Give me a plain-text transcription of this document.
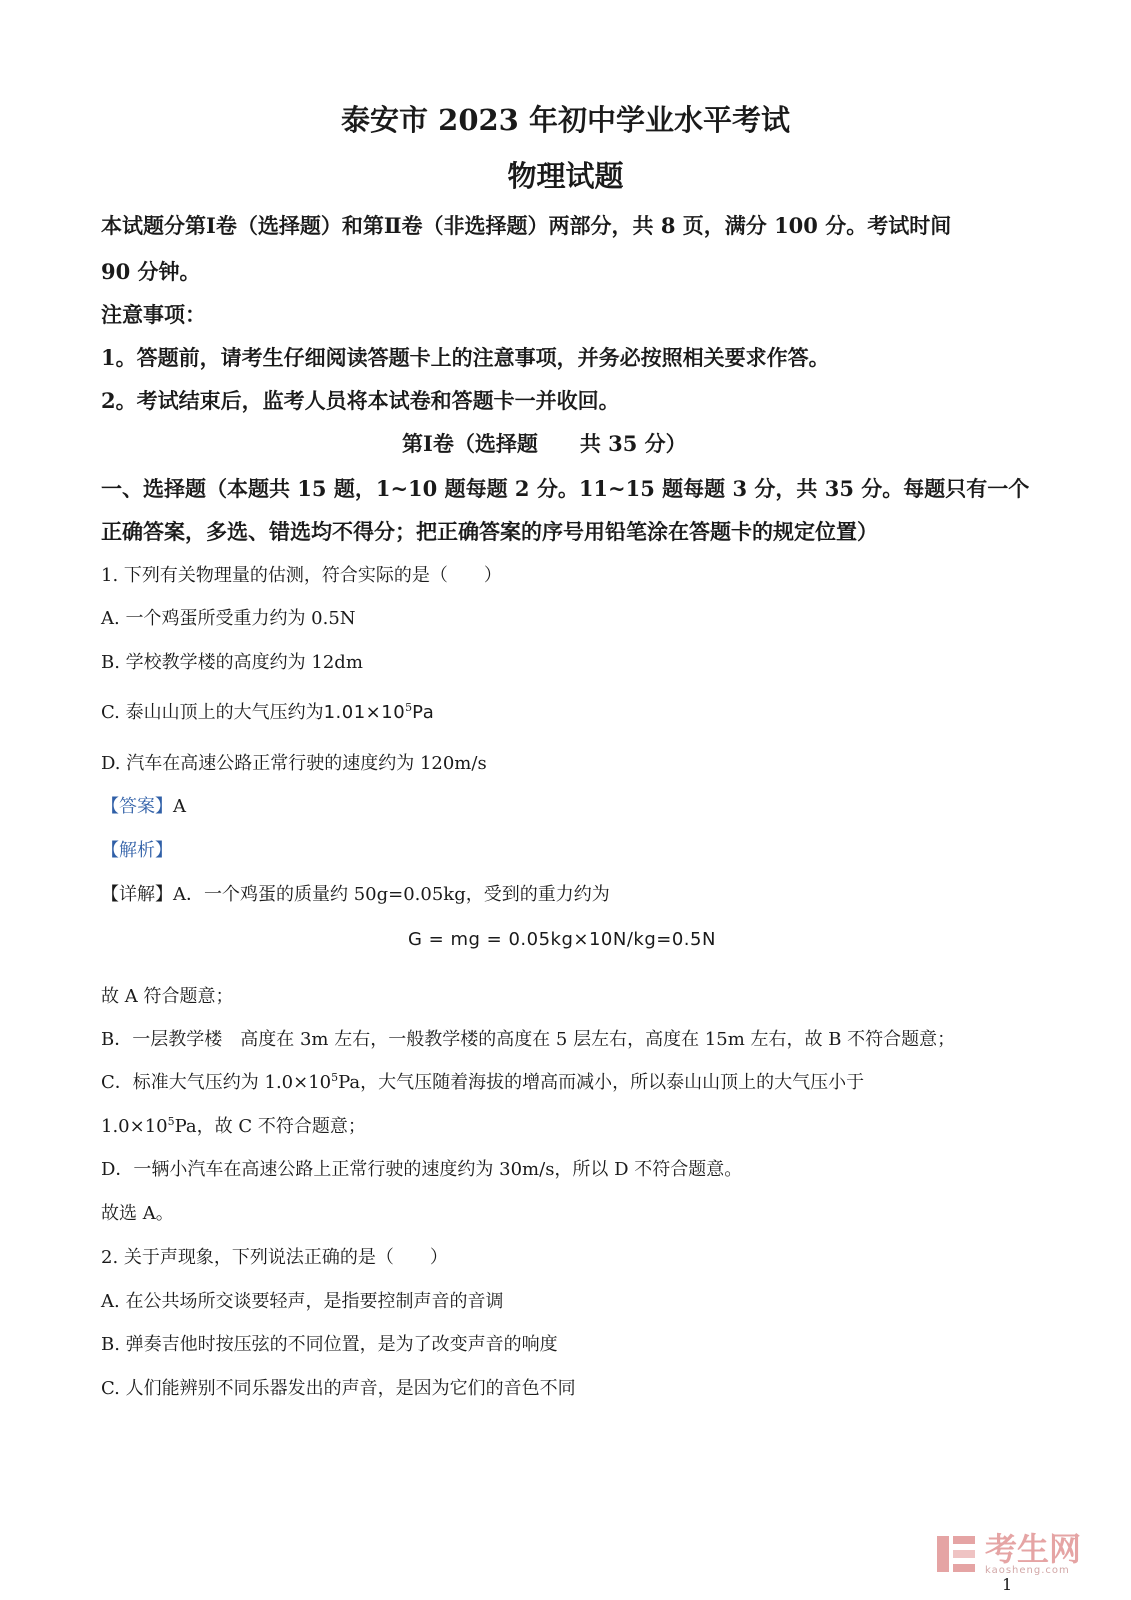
泰安市 2023 年初中学业水平考试
物理试题
本试题分第Ⅰ卷（选择题）和第Ⅱ卷（非选择题）两部分，共 8 页，满分 100 分。考试时间
90 分钟。
注意事项：
1。答题前，请考生仔细阅读答题卡上的注意事项，并务必按照相关要求作答。
2。考试结束后，监考人员将本试卷和答题卡一并收回。
第Ⅰ卷（选择题　　共 35 分）
一、选择题（本题共 15 题，1~10 题每题 2 分。11~15 题每题 3 分，共 35 分。每题只有一个
正确答案，多选、错选均不得分；把正确答案的序号用铅笔涂在答题卡的规定位置）
1. 下列有关物理量的估测，符合实际的是（　　）
A. 一个鸡蛋所受重力约为 0.5N
B. 学校教学楼的高度约为 12dm
C. 泰山山顶上的大气压约为$1.01\times 10^5Pa$
D. 汽车在高速公路正常行驶的速度约为 120m/s
【答案】A
【解析】
【详解】A．一个鸡蛋的质量约 50g=0.05kg，受到的重力约为
G = mg = 0.05kg×10N/kg=0.5N
故 A 符合题意；
B．一层教学楼　高度在 3m 左右，一般教学楼的高度在 5 层左右，高度在 15m 左右，故 B 不符合题意；
C．标准大气压约为 $1.0\times 10^5Pa$，大气压随着海拔的增高而减小，所以泰山山顶上的大气压小于
$1.0\times 10^5Pa$，故 C 不符合题意；
D．一辆小汽车在高速公路上正常行驶的速度约为 30m/s，所以 D 不符合题意。
故选 A。
2. 关于声现象，下列说法正确的是（　　）
A. 在公共场所交谈要轻声，是指要控制声音的音调
B. 弹奏吉他时按压弦的不同位置，是为了改变声音的响度
C. 人们能辨别不同乐器发出的声音，是因为它们的音色不同
考生网
kaosheng.com
1
